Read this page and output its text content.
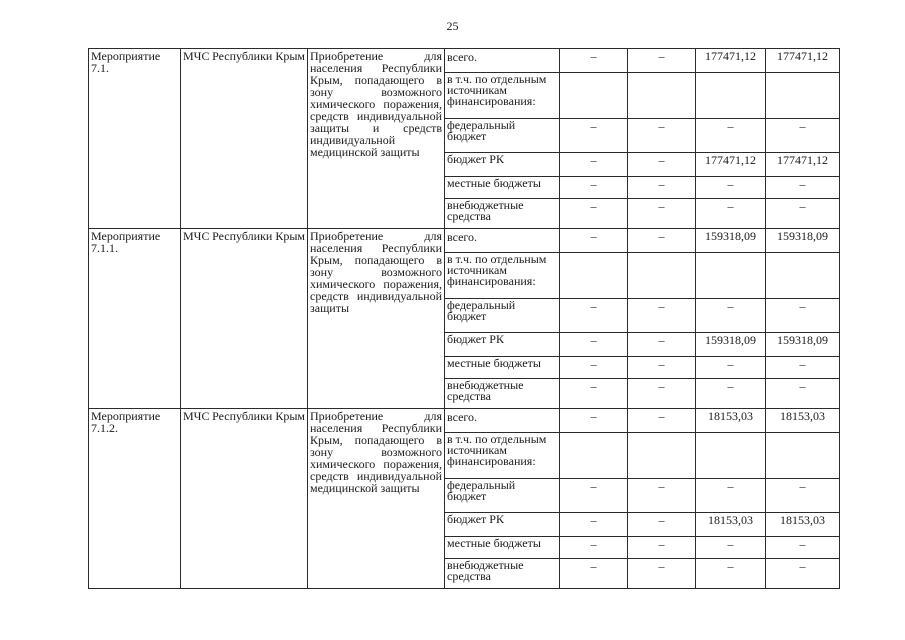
25
Мероприятие 7.1.	МЧС Республики Крым	Приобретение для населения Республики Крым, попадающего в зону возможного химического поражения, средств индивидуальной защиты и средств индивидуальной медицинской защиты	всего.	–	–	177471,12	177471,12
			в т.ч. по отдельным источникам финансирования:				
			федеральный бюджет	–	–	–	–
			бюджет РК	–	–	177471,12	177471,12
			местные бюджеты	–	–	–	–
			внебюджетные средства	–	–	–	–
Мероприятие 7.1.1.	МЧС Республики Крым	Приобретение для населения Республики Крым, попадающего в зону возможного химического поражения, средств индивидуальной защиты	всего.	–	–	159318,09	159318,09
			в т.ч. по отдельным источникам финансирования:				
			федеральный бюджет	–	–	–	–
			бюджет РК	–	–	159318,09	159318,09
			местные бюджеты	–	–	–	–
			внебюджетные средства	–	–	–	–
Мероприятие 7.1.2.	МЧС Республики Крым	Приобретение для населения Республики Крым, попадающего в зону возможного химического поражения, средств индивидуальной медицинской защиты	всего.	–	–	18153,03	18153,03
			в т.ч. по отдельным источникам финансирования:				
			федеральный бюджет	–	–	–	–
			бюджет РК	–	–	18153,03	18153,03
			местные бюджеты	–	–	–	–
			внебюджетные средства	–	–	–	–
